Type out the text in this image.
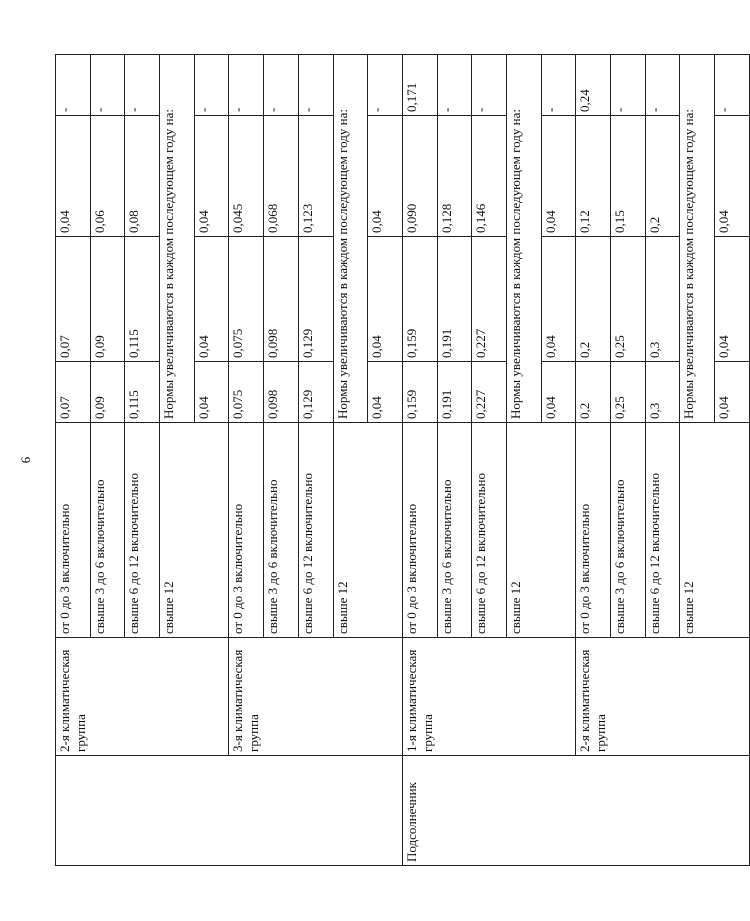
9
	2-я климатическая группа	от 0 до 3 включительно	0,07	0,07	0,04	-
		свыше 3 до 6 включительно	0,09	0,09	0,06	-
		свыше 6 до 12 включительно	0,115	0,115	0,08	-
		свыше 12	Нормы увеличиваются в каждом последующем году на:			
			0,04	0,04	0,04	-
	3-я климатическая группа	от 0 до 3 включительно	0,075	0,075	0,045	-
		свыше 3 до 6 включительно	0,098	0,098	0,068	-
		свыше 6 до 12 включительно	0,129	0,129	0,123	-
		свыше 12	Нормы увеличиваются в каждом последующем году на:			
			0,04	0,04	0,04	-
Подсолнечник	1-я климатическая группа	от 0 до 3 включительно	0,159	0,159	0,090	0,171
		свыше 3 до 6 включительно	0,191	0,191	0,128	-
		свыше 6 до 12 включительно	0,227	0,227	0,146	-
		свыше 12	Нормы увеличиваются в каждом последующем году на:			
			0,04	0,04	0,04	-
	2-я климатическая группа	от 0 до 3 включительно	0,2	0,2	0,12	0,24
		свыше 3 до 6 включительно	0,25	0,25	0,15	-
		свыше 6 до 12 включительно	0,3	0,3	0,2	-
		свыше 12	Нормы увеличиваются в каждом последующем году на:			
			0,04	0,04	0,04	-
